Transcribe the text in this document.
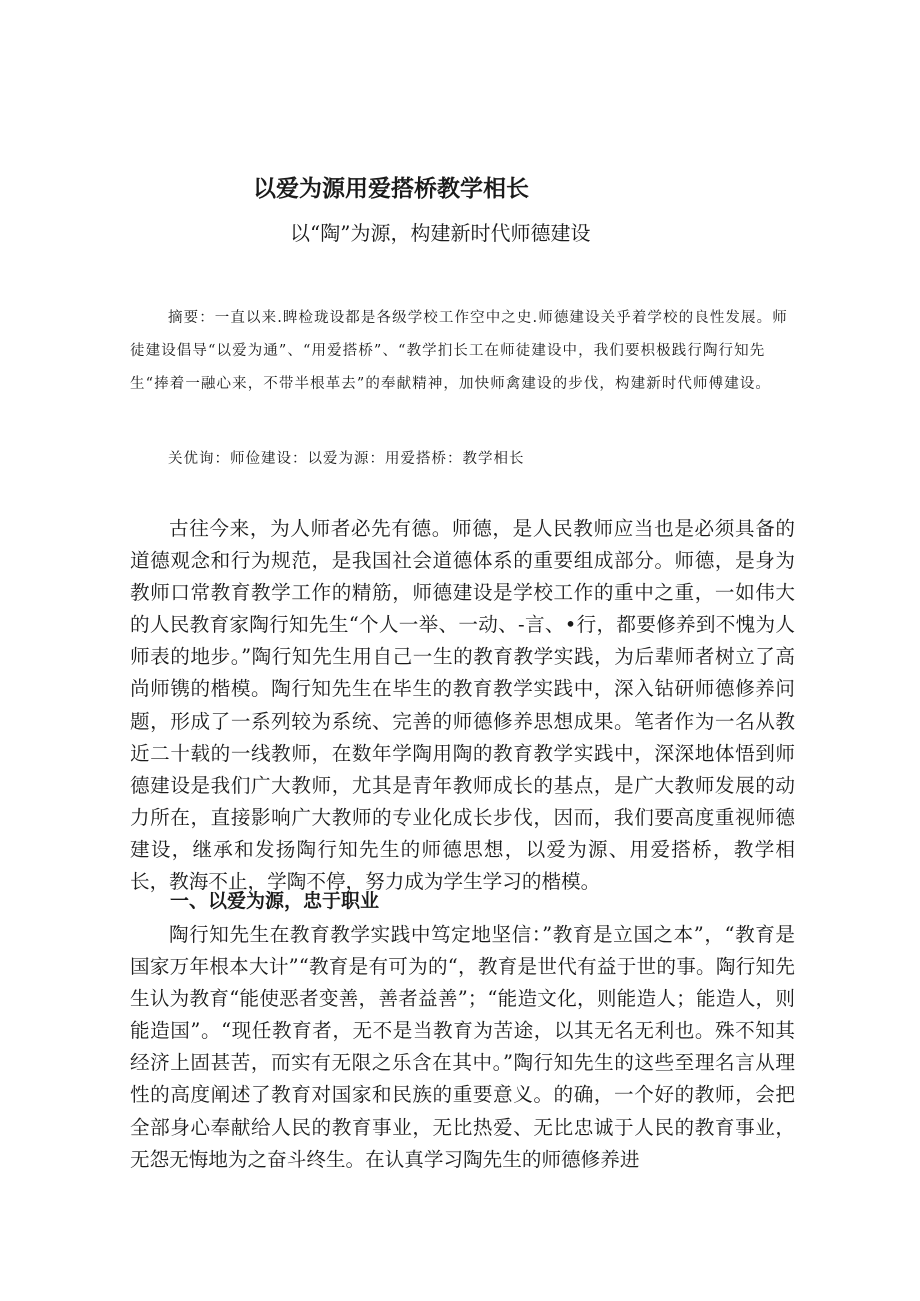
以爱为源用爱搭桥教学相长
以“陶”为源，构建新时代师德建设

摘要：一直以来.睥检珑设都是各级学校工作空中之史.师德建设关乎着学校的良性发展。师徒建设倡导“以爱为通”、“用爱搭桥”、“教学扪长工在师徒建设中，我们要枳极践行陶行知先生“捧着一融心来，不带半根革去”的奉献精神，加快师禽建设的步伐，构建新时代师傅建设。

关优询：师俭建设：以爱为源：用爱搭桥：教学相长

古往今来，为人师者必先有德。师德，是人民教师应当也是必须具备的道德观念和行为规范，是我国社会道德体系的重要组成部分。师德，是身为教师口常教育教学工作的精筋，师德建设是学校工作的重中之重，一如伟大的人民教育家陶行知先生“个人一举、一动、-言、•行，都要修养到不愧为人师表的地步。”陶行知先生用自己一生的教育教学实践，为后辈师者树立了高尚师镌的楷模。陶行知先生在毕生的教育教学实践中，深入钻研师德修养问题，形成了一系列较为系统、完善的师德修养思想成果。笔者作为一名从教近二十载的一线教师，在数年学陶用陶的教育教学实践中，深深地体悟到师德建设是我们广大教师，尤其是青年教师成长的基点，是广大教师发展的动力所在，直接影响广大教师的专业化成长步伐，因而，我们要高度重视师德建设，继承和发扬陶行知先生的师德思想，以爱为源、用爱搭桥，教学相长，教海不止，学陶不停，努力成为学生学习的楷模。

一、以爱为源，忠于职业

陶行知先生在教育教学实践中笃定地坚信：”教育是立国之本”，“教育是国家万年根本大计”“教育是有可为的“，教育是世代有益于世的事。陶行知先生认为教育“能使恶者变善，善者益善”；“能造文化，则能造人；能造人，则能造国”。“现任教育者，无不是当教育为苦途，以其无名无利也。殊不知其经济上固甚苦，而实有无限之乐含在其中。”陶行知先生的这些至理名言从理性的高度阐述了教育对国家和民族的重要意义。的确，一个好的教师，会把全部身心奉献给人民的教育事业，无比热爱、无比忠诚于人民的教育事业，无怨无悔地为之奋斗终生。在认真学习陶先生的师德修养进
